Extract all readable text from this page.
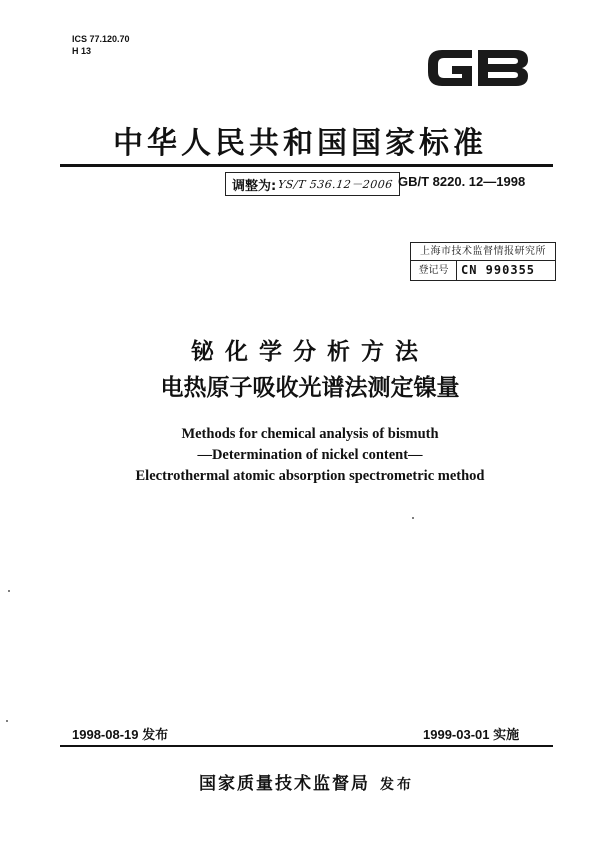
ICS 77.120.70
H 13
中华人民共和国国家标准
调整为: YS/T 536.12－2006 GB/T 8220. 12—1998
上海市技术监督情报研究所
登记号	CN 990355
铋化学分析方法
电热原子吸收光谱法测定镍量
Methods for chemical analysis of bismuth
—Determination of nickel content—
Electrothermal atomic absorption spectrometric method
1998-08-19 发布	1999-03-01 实施
国家质量技术监督局 发布
